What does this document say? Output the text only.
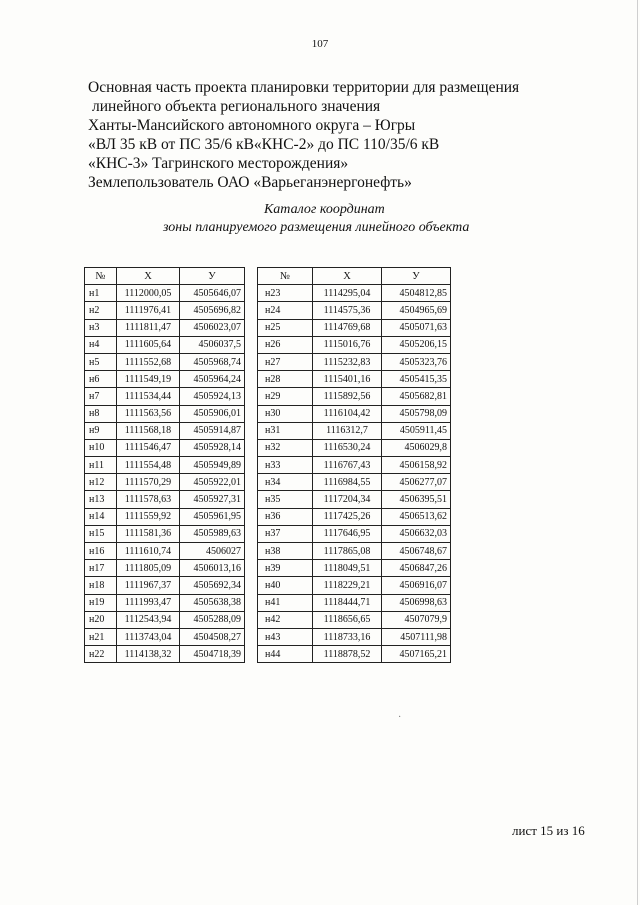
107
Основная часть проекта планировки территории для размещения
линейного объекта регионального значения
Ханты-Мансийского автономного округа – Югры
«ВЛ 35 кВ от ПС 35/6 кВ«КНС-2» до ПС 110/35/6 кВ
«КНС-3» Тагринского месторождения»
Землепользователь ОАО «Варьеганэнергонефть»
Каталог координат
зоны планируемого размещения линейного объекта
№	X	У
н1	1112000,05	4505646,07
н2	1111976,41	4505696,82
н3	1111811,47	4506023,07
н4	1111605,64	4506037,5
н5	1111552,68	4505968,74
н6	1111549,19	4505964,24
н7	1111534,44	4505924,13
н8	1111563,56	4505906,01
н9	1111568,18	4505914,87
н10	1111546,47	4505928,14
н11	1111554,48	4505949,89
н12	1111570,29	4505922,01
н13	1111578,63	4505927,31
н14	1111559,92	4505961,95
н15	1111581,36	4505989,63
н16	1111610,74	4506027
н17	1111805,09	4506013,16
н18	1111967,37	4505692,34
н19	1111993,47	4505638,38
н20	1112543,94	4505288,09
н21	1113743,04	4504508,27
н22	1114138,32	4504718,39
№	X	У
н23	1114295,04	4504812,85
н24	1114575,36	4504965,69
н25	1114769,68	4505071,63
н26	1115016,76	4505206,15
н27	1115232,83	4505323,76
н28	1115401,16	4505415,35
н29	1115892,56	4505682,81
н30	1116104,42	4505798,09
н31	1116312,7	4505911,45
н32	1116530,24	4506029,8
н33	1116767,43	4506158,92
н34	1116984,55	4506277,07
н35	1117204,34	4506395,51
н36	1117425,26	4506513,62
н37	1117646,95	4506632,03
н38	1117865,08	4506748,67
н39	1118049,51	4506847,26
н40	1118229,21	4506916,07
н41	1118444,71	4506998,63
н42	1118656,65	4507079,9
н43	1118733,16	4507111,98
н44	1118878,52	4507165,21
·
лист 15 из 16
